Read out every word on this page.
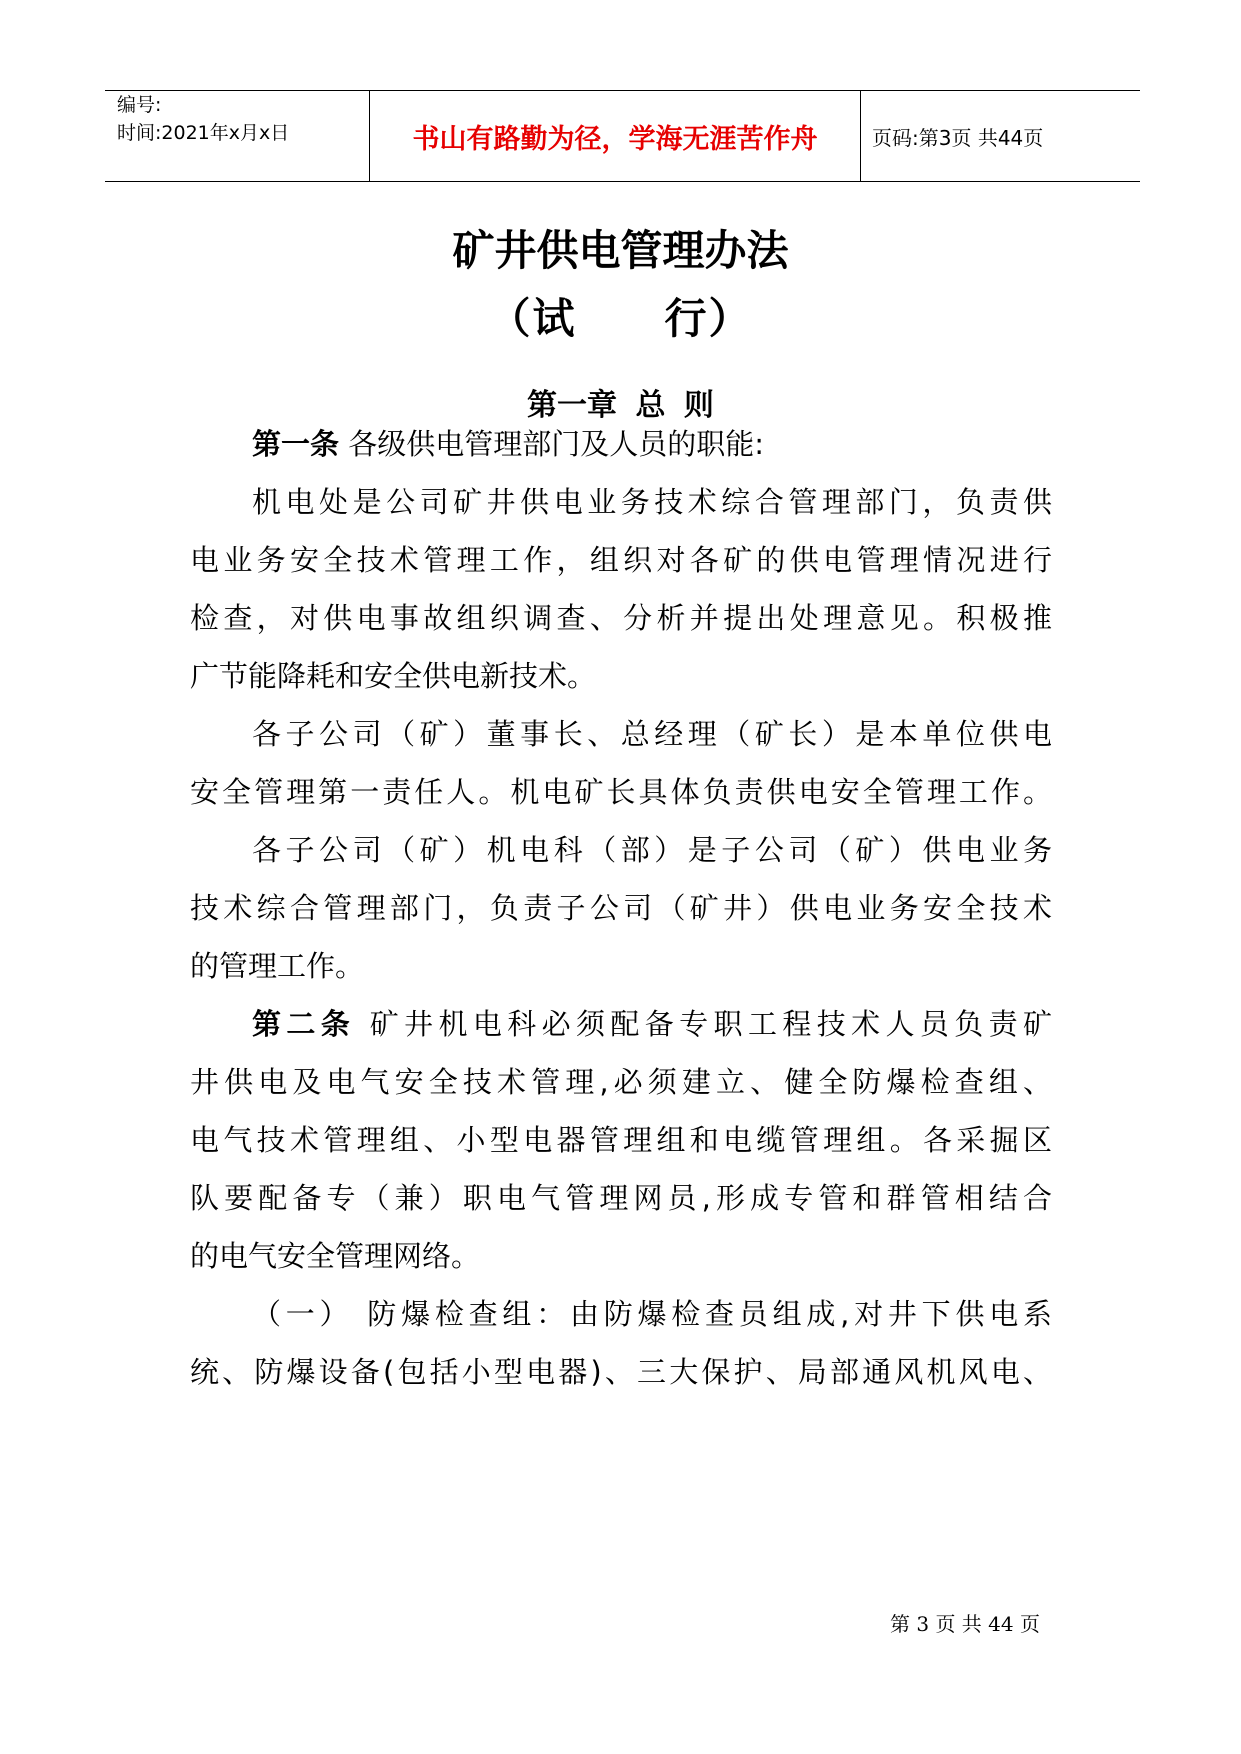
编号:
时间:2021年x月x日	书山有路勤为径，学海无涯苦作舟	页码:第3页 共44页
矿井供电管理办法
（试　　行）
第一章 总 则
第一条 各级供电管理部门及人员的职能:
机电处是公司矿井供电业务技术综合管理部门，负责供
电业务安全技术管理工作，组织对各矿的供电管理情况进行
检查，对供电事故组织调查、分析并提出处理意见。积极推
广节能降耗和安全供电新技术。
各子公司（矿）董事长、总经理（矿长）是本单位供电
安全管理第一责任人。机电矿长具体负责供电安全管理工作。
各子公司（矿）机电科（部）是子公司（矿）供电业务
技术综合管理部门，负责子公司（矿井）供电业务安全技术
的管理工作。
第二条 矿井机电科必须配备专职工程技术人员负责矿
井供电及电气安全技术管理,必须建立、健全防爆检查组、
电气技术管理组、小型电器管理组和电缆管理组。各采掘区
队要配备专（兼）职电气管理网员,形成专管和群管相结合
的电气安全管理网络。
（一） 防爆检查组：由防爆检查员组成,对井下供电系
统、防爆设备(包括小型电器)、三大保护、局部通风机风电、
第 3 页 共 44 页
